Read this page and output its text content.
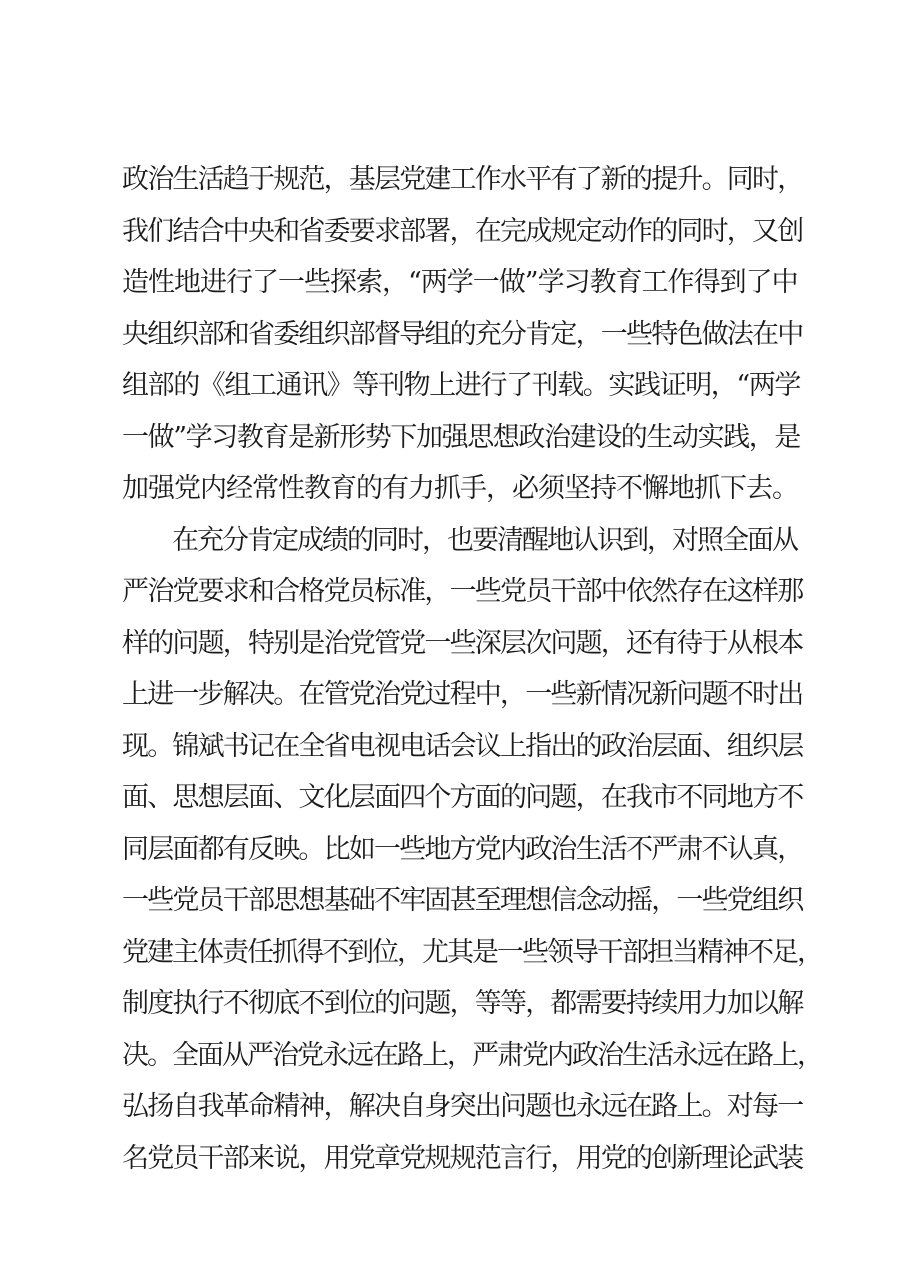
政治生活趋于规范，基层党建工作水平有了新的提升。同时，
我们结合中央和省委要求部署，在完成规定动作的同时，又创
造性地进行了一些探索，“两学一做”学习教育工作得到了中
央组织部和省委组织部督导组的充分肯定，一些特色做法在中
组部的《组工通讯》等刊物上进行了刊载。实践证明，“两学
一做”学习教育是新形势下加强思想政治建设的生动实践，是
加强党内经常性教育的有力抓手，必须坚持不懈地抓下去。
在充分肯定成绩的同时，也要清醒地认识到，对照全面从
严治党要求和合格党员标准，一些党员干部中依然存在这样那
样的问题，特别是治党管党一些深层次问题，还有待于从根本
上进一步解决。在管党治党过程中，一些新情况新问题不时出
现。锦斌书记在全省电视电话会议上指出的政治层面、组织层
面、思想层面、文化层面四个方面的问题，在我市不同地方不
同层面都有反映。比如一些地方党内政治生活不严肃不认真，
一些党员干部思想基础不牢固甚至理想信念动摇，一些党组织
党建主体责任抓得不到位，尤其是一些领导干部担当精神不足，
制度执行不彻底不到位的问题，等等，都需要持续用力加以解
决。全面从严治党永远在路上，严肃党内政治生活永远在路上，
弘扬自我革命精神，解决自身突出问题也永远在路上。对每一
名党员干部来说，用党章党规规范言行，用党的创新理论武装
